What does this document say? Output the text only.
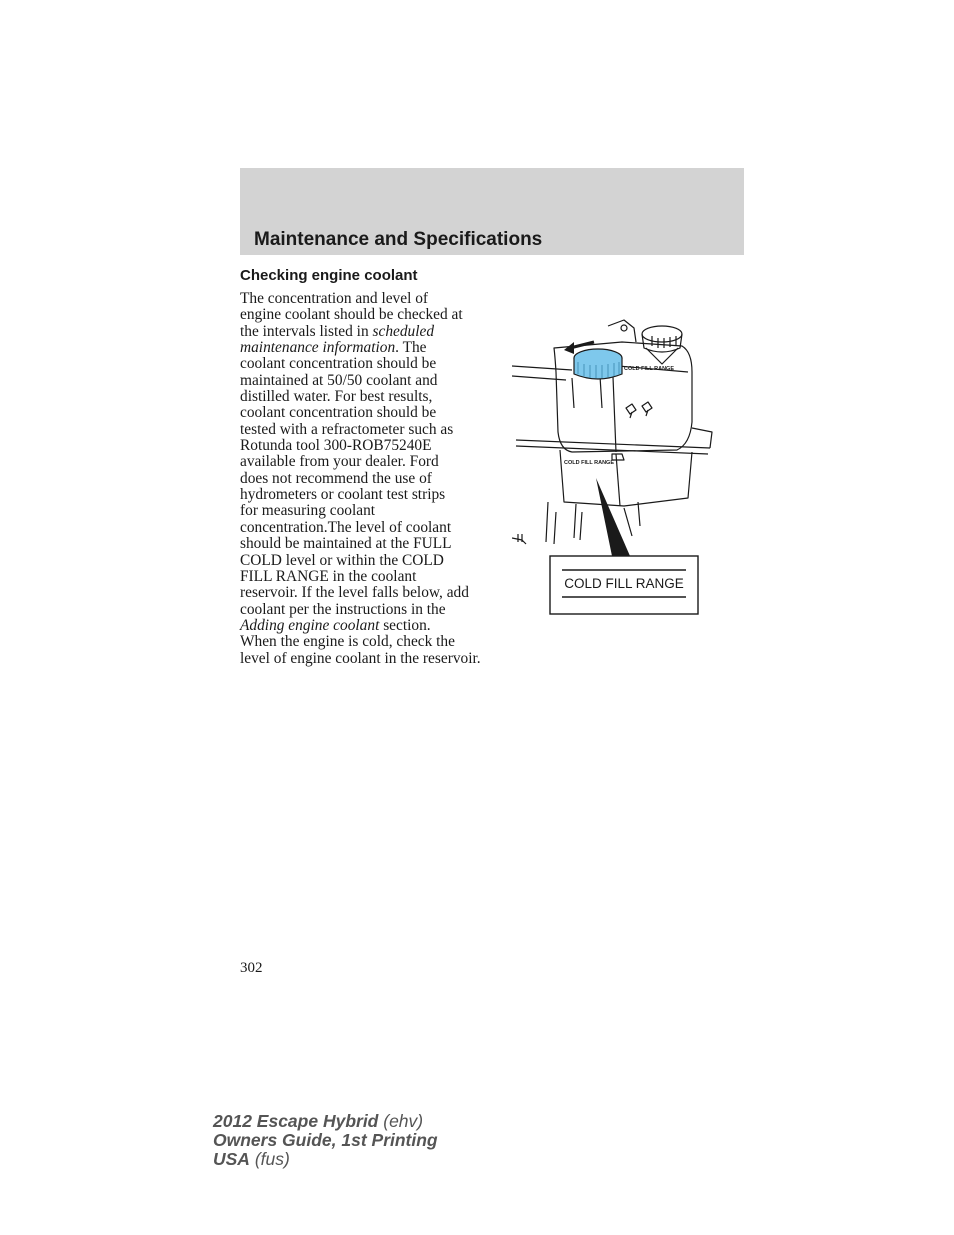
Maintenance and Specifications
Checking engine coolant

The concentration and level of
engine coolant should be checked at
the intervals listed in scheduled
maintenance information. The
coolant concentration should be
maintained at 50/50 coolant and
distilled water. For best results,
coolant concentration should be
tested with a refractometer such as
Rotunda tool 300-ROB75240E
available from your dealer. Ford
does not recommend the use of
hydrometers or coolant test strips
for measuring coolant
concentration.The level of coolant
should be maintained at the FULL
COLD level or within the COLD
FILL RANGE in the coolant
reservoir. If the level falls below, add
coolant per the instructions in the
Adding engine coolant section.
When the engine is cold, check the
level of engine coolant in the reservoir.

COLD FILL RANGE
COLD FILL RANGE
COLD FILL RANGE
302
2012 Escape Hybrid (ehv)
Owners Guide, 1st Printing
USA (fus)
